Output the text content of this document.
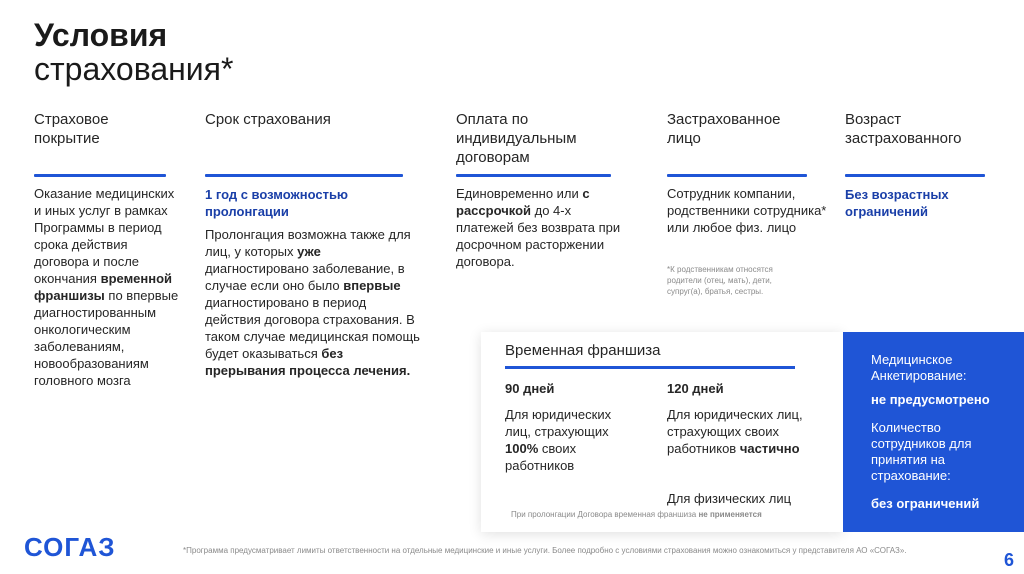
Условия
страхования*
Страховое покрытие
Оказание медицинских и иных услуг в рамках Программы в период срока действия договора и после окончания временной франшизы по впервые диагностированным онкологическим заболеваниям, новообразованиям головного мозга
Срок страхования
1 год с возможностью пролонгации
Пролонгация возможна также для лиц, у которых уже диагностировано заболевание, в случае если оно было впервые диагностировано в период действия договора страхования. В таком случае медицинская помощь будет оказываться без прерывания процесса лечения.
Оплата по индивидуальным договорам
Единовременно или с рассрочкой до 4-х платежей без возврата при досрочном расторжении договора.
Застрахованное лицо
Сотрудник компании, родственники сотрудника* или любое физ. лицо
*К родственникам относятся родители (отец, мать), дети, супруг(а), братья, сестры.
Возраст застрахованного
Без возрастных ограничений
Временная франшиза
90 дней
Для юридических лиц, страхующих 100% своих работников
120 дней
Для юридических лиц, страхующих своих работников частично
Для физических лиц
При пролонгации Договора временная франшиза не применяется
Медицинское Анкетирование:
не предусмотрено
Количество сотрудников для принятия на страхование:
без ограничений
СОГАЗ	*Программа предусматривает лимиты ответственности на отдельные медицинские и иные услуги. Более подробно с условиями страхования можно ознакомиться у представителя АО «СОГАЗ».	6
